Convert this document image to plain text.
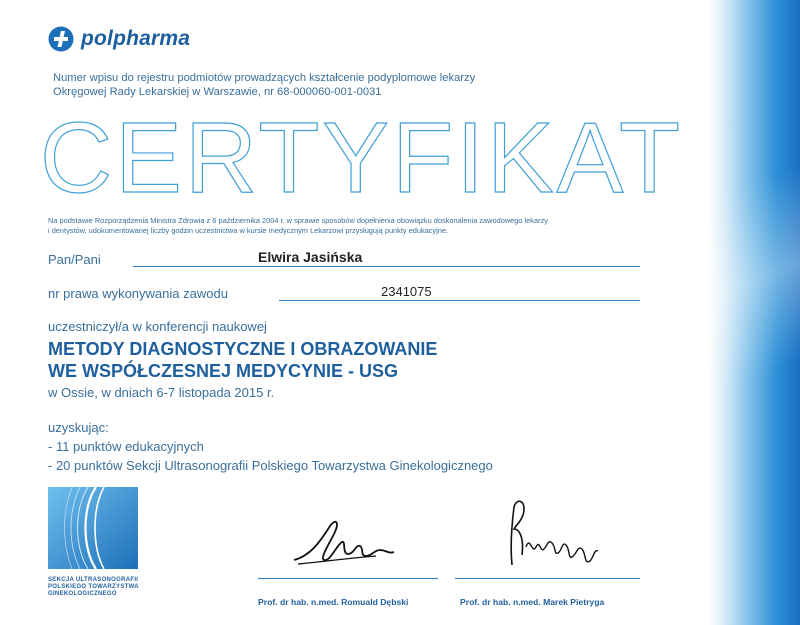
polpharma
Numer wpisu do rejestru podmiotów prowadzących kształcenie podyplomowe lekarzy
Okręgowej Rady Lekarskiej w Warszawie, nr 68-000060-001-0031
CERTYFIKAT
Na podstawie Rozporządzenia Ministra Zdrowia z 6 października 2004 r. w sprawie sposobów dopełnienia obowiązku doskonalenia zawodowego lekarzy
i dentystów, udokumentowanej liczby godzin uczestnictwa w kursie medycznym Lekarzowi przysługują punkty edukacyjne.
Pan/Pani	Elwira Jasińska
nr prawa wykonywania zawodu	2341075
uczestniczył/a w konferencji naukowej
METODY DIAGNOSTYCZNE I OBRAZOWANIE
WE WSPÓŁCZESNEJ MEDYCYNIE - USG
w Ossie, w dniach 6-7 listopada 2015 r.
uzyskując:
- 11 punktów edukacyjnych
- 20 punktów Sekcji Ultrasonografii Polskiego Towarzystwa Ginekologicznego
SEKCJA ULTRASONOGRAFII
POLSKIEGO TOWARZYSTWA
GINEKOLOGICZNEGO
Prof. dr hab. n.med. Romuald Dębski	Prof. dr hab. n.med. Marek Pietryga
